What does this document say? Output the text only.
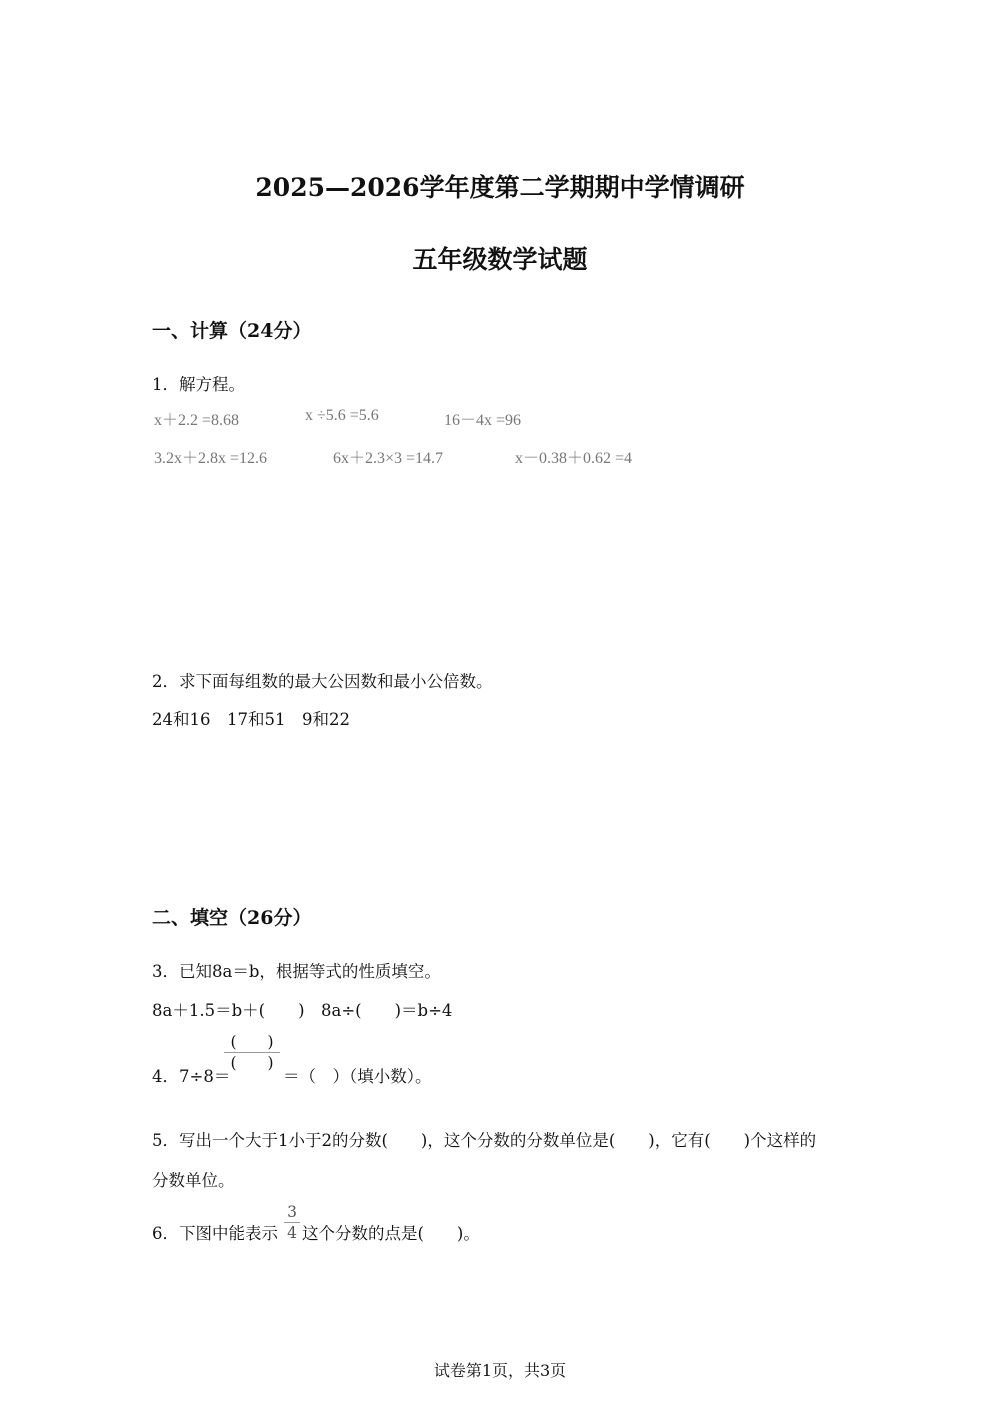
2025—2026学年度第二学期期中学情调研
五年级数学试题
一、计算（24分）
1．解方程。
x＋2.2 =8.68	x ÷5.6 =5.6	16－4x =96
3.2x＋2.8x =12.6	6x＋2.3×3 =14.7	x－0.38＋0.62 =4
2．求下面每组数的最大公因数和最小公倍数。
24和16　17和51　9和22
二、填空（26分）
3．已知8a＝b，根据等式的性质填空。
8a＋1.5＝b＋(　　)　8a÷(　　)＝b÷4
4．7÷8＝
(　　)
(　　)
＝（　）（填小数）。
5．写出一个大于1小于2的分数(　　)，这个分数的分数单位是(　　)，它有(　　)个这样的
分数单位。
6．下图中能表示
3
4 这个分数的点是(　　)。
试卷第1页，共3页
